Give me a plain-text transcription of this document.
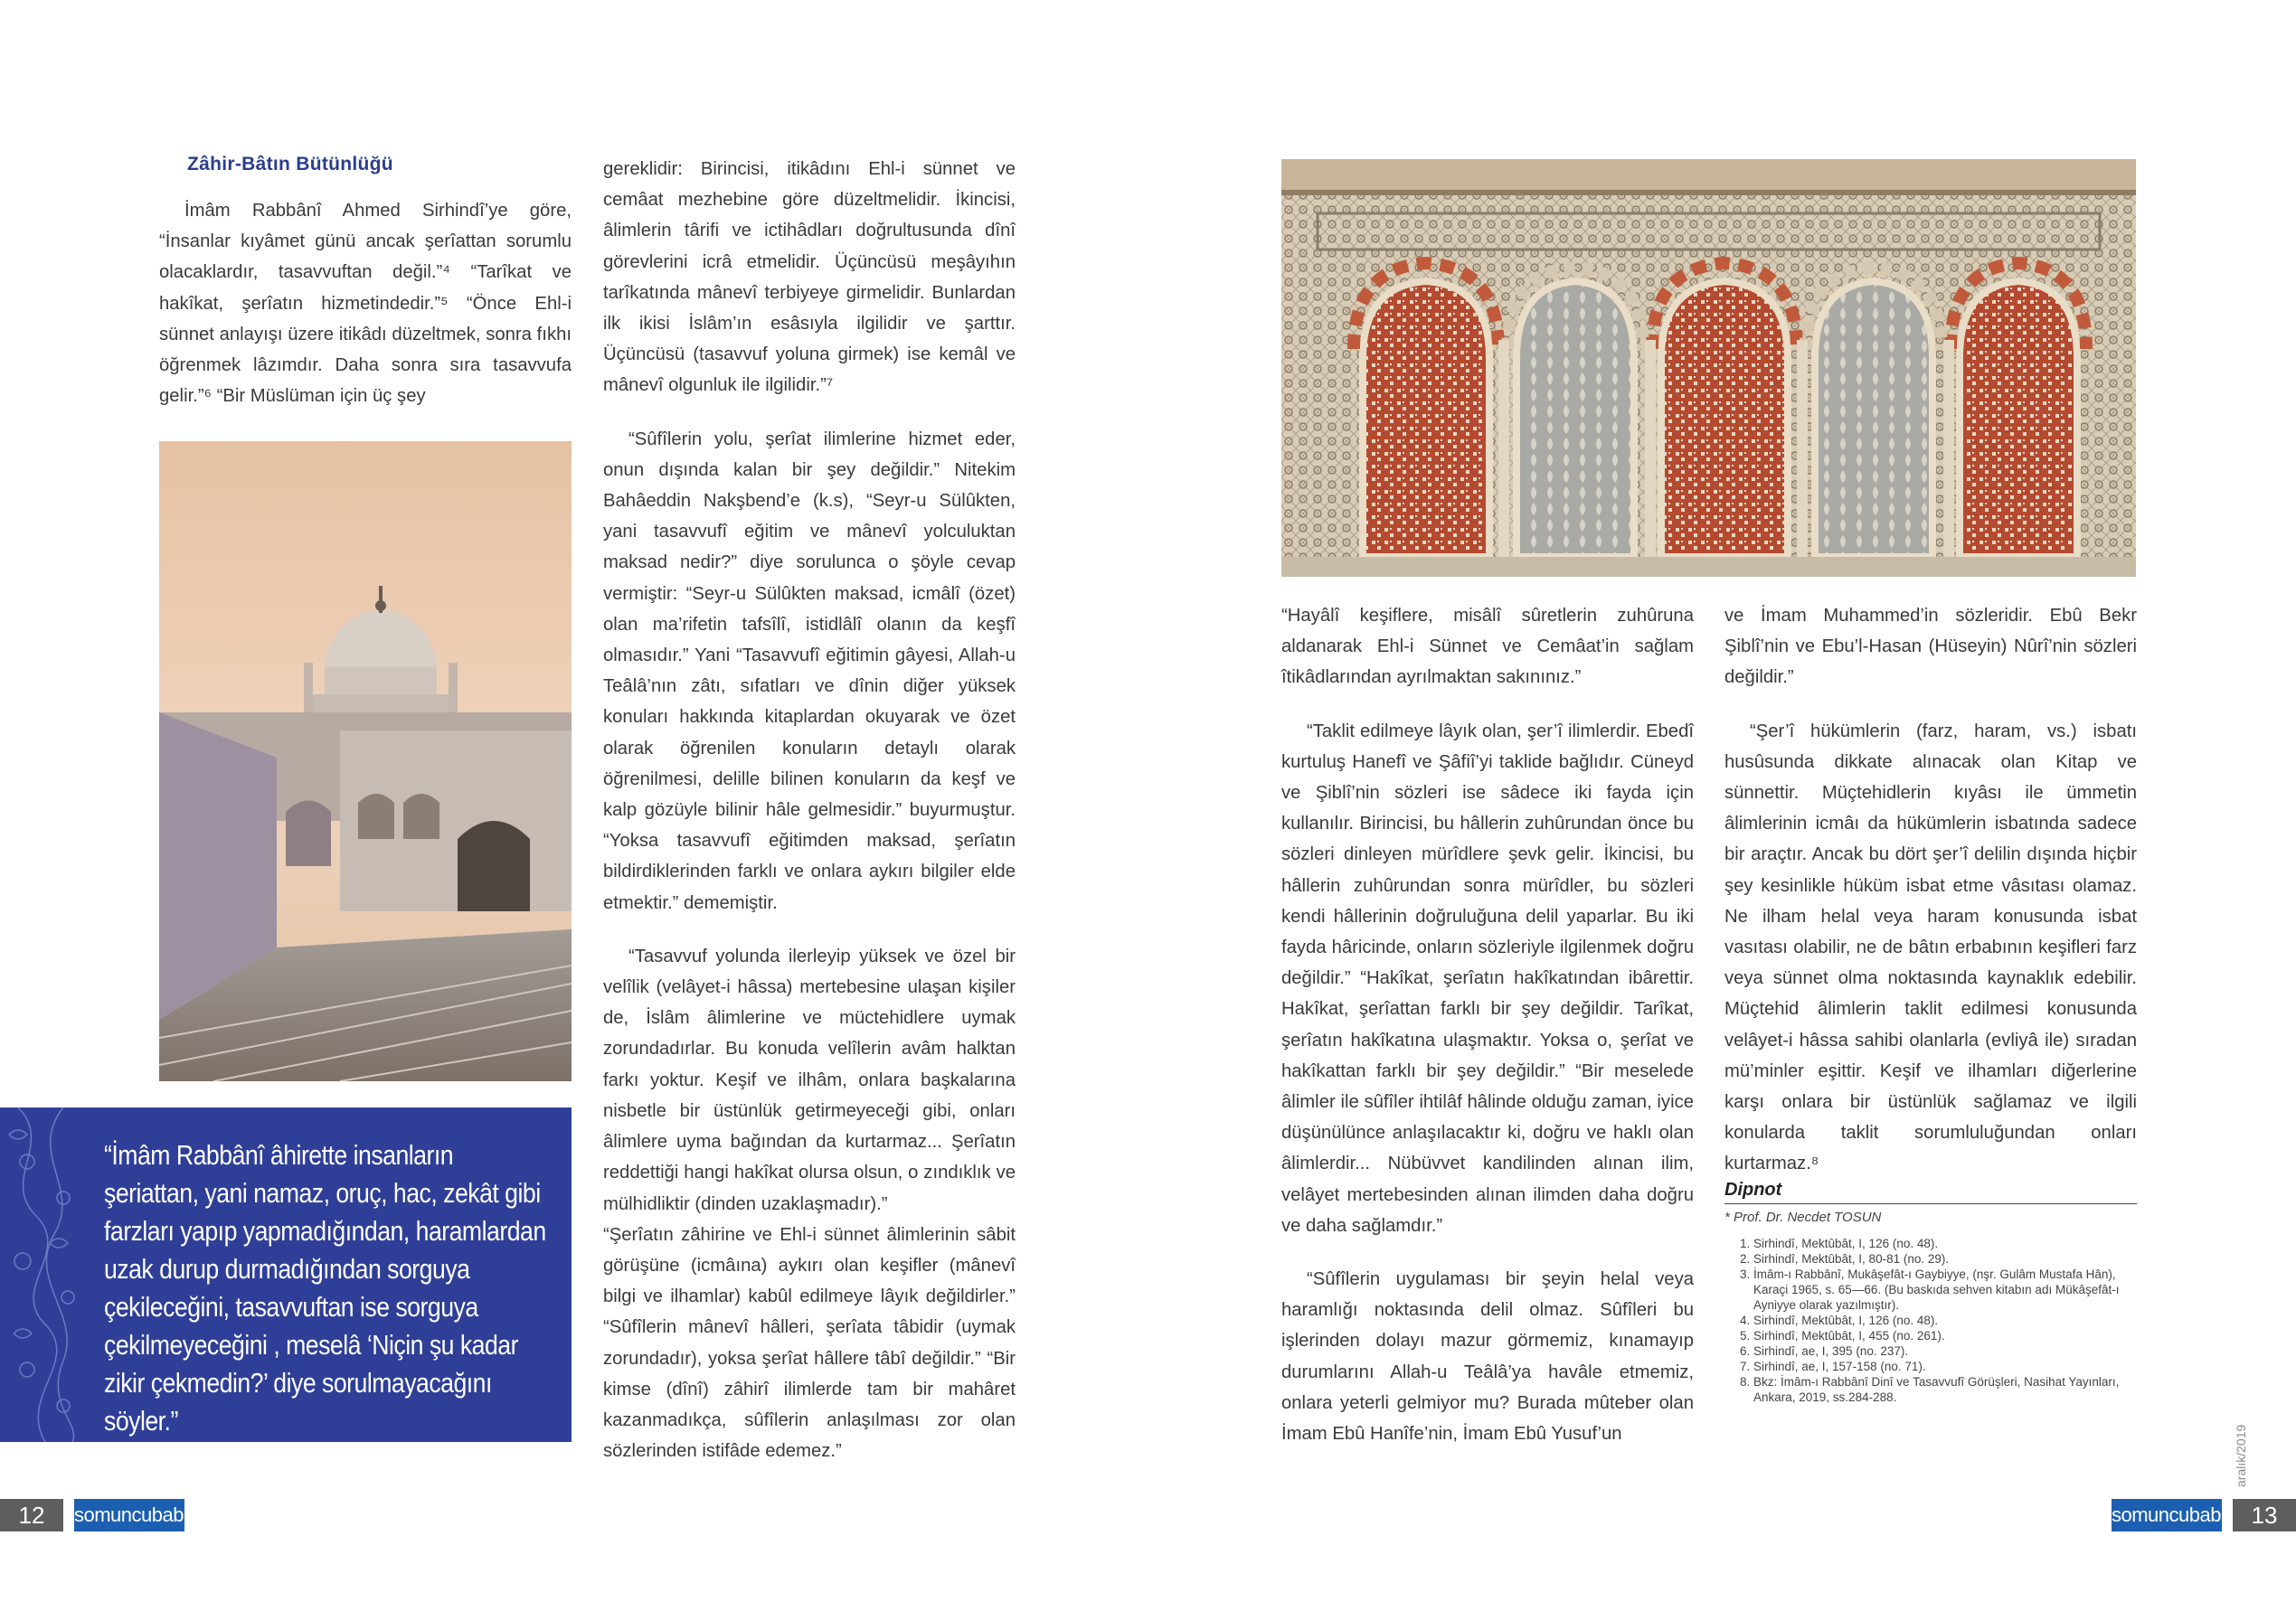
Zâhir-Bâtın Bütünlüğü

İmâm Rabbânî Ahmed Sirhindî’ye göre, “İnsanlar kıyâmet günü ancak şerîattan sorumlu olacaklardır, tasavvuftan değil.”⁴ “Tarîkat ve hakîkat, şerîatın hizmetindedir.”⁵ “Önce Ehl-i sünnet anlayışı üzere itikâdı düzeltmek, sonra fıkhı öğrenmek lâzımdır. Daha sonra sıra tasavvufa gelir.”⁶ “Bir Müslüman için üç şey

“İmâm Rabbânî âhirette insanların şeriattan, yani namaz, oruç, hac, zekât gibi farzları yapıp yapmadığından, haramlardan uzak durup durmadığından sorguya çekileceğini, tasavvuftan ise sorguya çekilmeyeceğini , meselâ ‘Niçin şu kadar zikir çekmedin?’ diye sorulmayacağını söyler.”

gereklidir: Birincisi, itikâdını Ehl-i sünnet ve cemâat mezhebine göre düzeltmelidir. İkincisi, âlimlerin târifi ve ictihâdları doğrultusunda dînî görevlerini icrâ etmelidir. Üçüncüsü meşâyıhın tarîkatında mânevî terbiyeye girmelidir. Bunlardan ilk ikisi İslâm’ın esâsıyla ilgilidir ve şarttır. Üçüncüsü (tasavvuf yoluna girmek) ise kemâl ve mânevî olgunluk ile ilgilidir.”⁷

“Sûfîlerin yolu, şerîat ilimlerine hizmet eder, onun dışında kalan bir şey değildir.” Nitekim Bahâeddin Nakşbend’e (k.s), “Seyr-u Sülûkten, yani tasavvufî eğitim ve mânevî yolculuktan maksad nedir?” diye sorulunca o şöyle cevap vermiştir: “Seyr-u Sülûkten maksad, icmâlî (özet) olan ma’rifetin tafsîlî, istidlâlî olanın da keşfî olmasıdır.” Yani “Tasavvufî eğitimin gâyesi, Allah-u Teâlâ’nın zâtı, sıfatları ve dînin diğer yüksek konuları hakkında kitaplardan okuyarak ve özet olarak öğrenilen konuların detaylı olarak öğrenilmesi, delille bilinen konuların da keşf ve kalp gözüyle bilinir hâle gelmesidir.” buyurmuştur. “Yoksa tasavvufî eğitimden maksad, şerîatın bildirdiklerinden farklı ve onlara aykırı bilgiler elde etmektir.” dememiştir.

“Tasavvuf yolunda ilerleyip yüksek ve özel bir velîlik (velâyet-i hâssa) mertebesine ulaşan kişiler de, İslâm âlimlerine ve müctehidlere uymak zorundadırlar. Bu konuda velîlerin avâm halktan farkı yoktur. Keşif ve ilhâm, onlara başkalarına nisbetle bir üstünlük getirmeyeceği gibi, onları âlimlere uyma bağından da kurtarmaz... Şerîatın reddettiği hangi hakîkat olursa olsun, o zındıklık ve mülhidliktir (dinden uzaklaşmadır).”

“Şerîatın zâhirine ve Ehl-i sünnet âlimlerinin sâbit görüşüne (icmâına) aykırı olan keşifler (mânevî bilgi ve ilhamlar) kabûl edilmeye lâyık değildirler.” “Sûfîlerin mânevî hâlleri, şerîata tâbidir (uymak zorundadır), yoksa şerîat hâllere tâbî değildir.” “Bir kimse (dînî) zâhirî ilimlerde tam bir mahâret kazanmadıkça, sûfîlerin anlaşılması zor olan sözlerinden istifâde edemez.”

“Hayâlî keşiflere, misâlî sûretlerin zuhûruna aldanarak Ehl-i Sünnet ve Cemâat’in sağlam îtikâdlarından ayrılmaktan sakınınız.”

“Taklit edilmeye lâyık olan, şer’î ilimlerdir. Ebedî kurtuluş Hanefî ve Şâfiî’yi taklide bağlıdır. Cüneyd ve Şiblî’nin sözleri ise sâdece iki fayda için kullanılır. Birincisi, bu hâllerin zuhûrundan önce bu sözleri dinleyen mürîdlere şevk gelir. İkincisi, bu hâllerin zuhûrundan sonra mürîdler, bu sözleri kendi hâllerinin doğruluğuna delil yaparlar. Bu iki fayda hâricinde, onların sözleriyle ilgilenmek doğru değildir.” “Hakîkat, şerîatın hakîkatından ibârettir. Hakîkat, şerîattan farklı bir şey değildir. Tarîkat, şerîatın hakîkatına ulaşmaktır. Yoksa o, şerîat ve hakîkattan farklı bir şey değildir.” “Bir meselede âlimler ile sûfîler ihtilâf hâlinde olduğu zaman, iyice düşünülünce anlaşılacaktır ki, doğru ve haklı olan âlimlerdir... Nübüvvet kandilinden alınan ilim, velâyet mertebesinden alınan ilimden daha doğru ve daha sağlamdır.”

“Sûfîlerin uygulaması bir şeyin helal veya haramlığı noktasında delil olmaz. Sûfîleri bu işlerinden dolayı mazur görmemiz, kınamayıp durumlarını Allah-u Teâlâ’ya havâle etmemiz, onlara yeterli gelmiyor mu? Burada mûteber olan İmam Ebû Hanîfe’nin, İmam Ebû Yusuf’un

ve İmam Muhammed’in sözleridir. Ebû Bekr Şiblî’nin ve Ebu’l-Hasan (Hüseyin) Nûrî’nin sözleri değildir.”

“Şer’î hükümlerin (farz, haram, vs.) isbatı husûsunda dikkate alınacak olan Kitap ve sünnettir. Müçtehidlerin kıyâsı ile ümmetin âlimlerinin icmâı da hükümlerin isbatında sadece bir araçtır. Ancak bu dört şer’î delilin dışında hiçbir şey kesinlikle hüküm isbat etme vâsıtası olamaz. Ne ilham helal veya haram konusunda isbat vasıtası olabilir, ne de bâtın erbabının keşifleri farz veya sünnet olma noktasında kaynaklık edebilir. Müçtehid âlimlerin taklit edilmesi konusunda velâyet-i hâssa sahibi olanlarla (evliyâ ile) sıradan mü’minler eşittir. Keşif ve ilhamları diğerlerine karşı onlara bir üstünlük sağlamaz ve ilgili konularda taklit sorumluluğundan onları kurtarmaz.⁸

Dipnot
* Prof. Dr. Necdet TOSUN
1. Sirhindî, Mektûbât, I, 126 (no. 48).
2. Sirhindî, Mektûbât, I, 80-81 (no. 29).
3. İmâm-ı Rabbânî, Mukâşefât-ı Gaybiyye, (nşr. Gulâm Mustafa Hân), Karaçi 1965, s. 65—66. (Bu baskıda sehven kitabın adı Mükâşefât-ı Ayniyye olarak yazılmıştır).
4. Sirhindî, Mektûbât, I, 126 (no. 48).
5. Sirhindî, Mektûbât, I, 455 (no. 261).
6. Sirhindî, ae, I, 395 (no. 237).
7. Sirhindî, ae, I, 157-158 (no. 71).
8. Bkz: İmâm-ı Rabbânî Dinî ve Tasavvufî Görüşleri, Nasihat Yayınları, Ankara, 2019, ss.284-288.
12	somuncubaba
aralık/2019
somuncubaba 13
